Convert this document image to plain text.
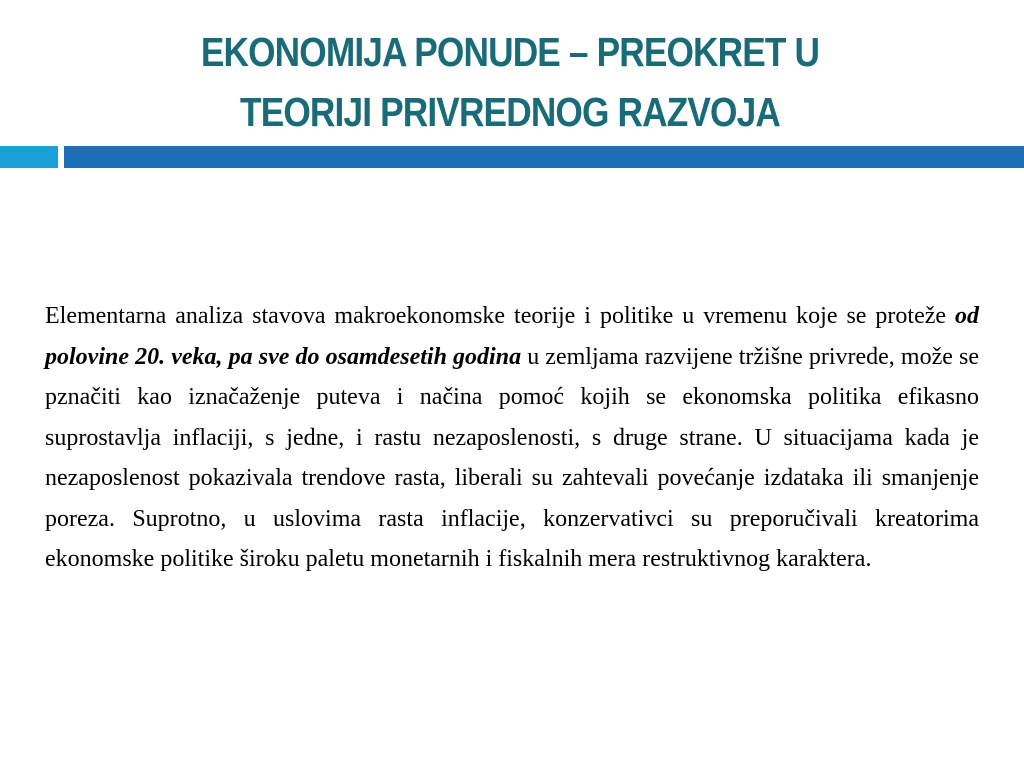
EKONOMIJA PONUDE – PREOKRET U
TEORIJI PRIVREDNOG RAZVOJA

Elementarna analiza stavova makroekonomske teorije i politike u vremenu koje se proteže od polovine 20. veka, pa sve do osamdesetih godina u zemljama razvijene tržišne privrede, može se pznačiti kao iznačaženje puteva i načina pomoć kojih se ekonomska politika efikasno suprostavlja inflaciji, s jedne, i rastu nezaposlenosti, s druge strane. U situacijama kada je nezaposlenost pokazivala trendove rasta, liberali su zahtevali povećanje izdataka ili smanjenje poreza. Suprotno, u uslovima rasta inflacije, konzervativci su preporučivali kreatorima ekonomske politike široku paletu monetarnih i fiskalnih mera restruktivnog karaktera.
